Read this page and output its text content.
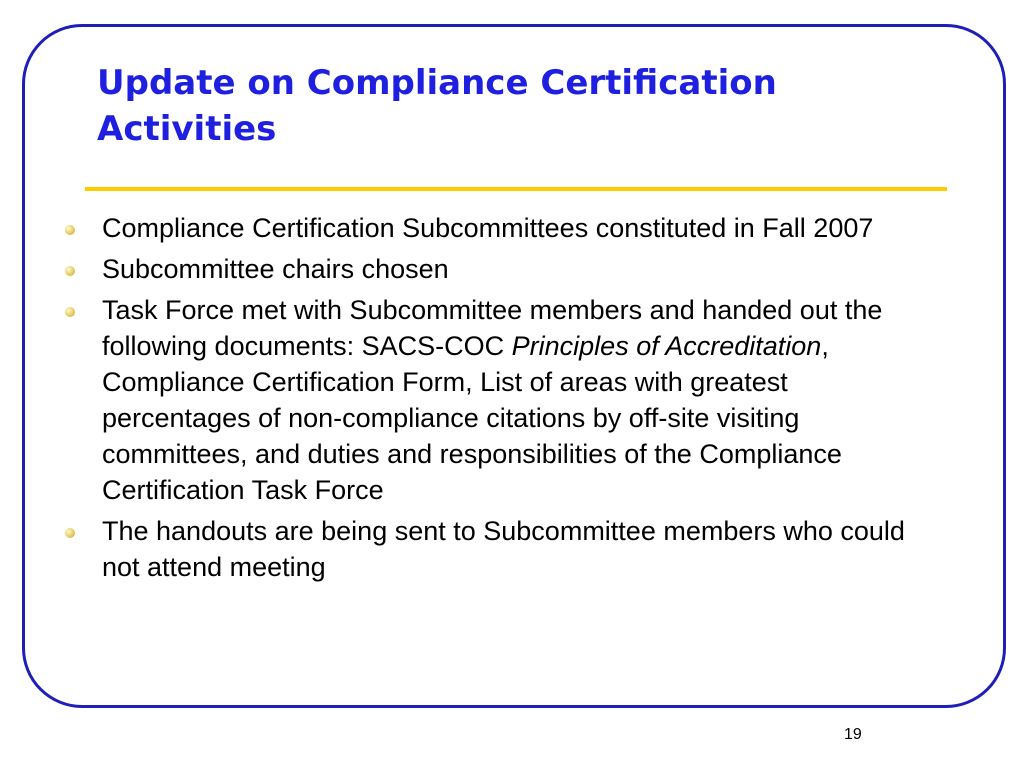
Update on Compliance Certification Activities
Compliance Certification Subcommittees constituted in Fall 2007
Subcommittee chairs chosen
Task Force met with Subcommittee members and handed out the following documents: SACS-COC Principles of Accreditation, Compliance Certification Form, List of areas with greatest percentages of non-compliance citations by off-site visiting committees, and duties and responsibilities of the Compliance Certification Task Force
The handouts are being sent to Subcommittee members who could not attend meeting
19
